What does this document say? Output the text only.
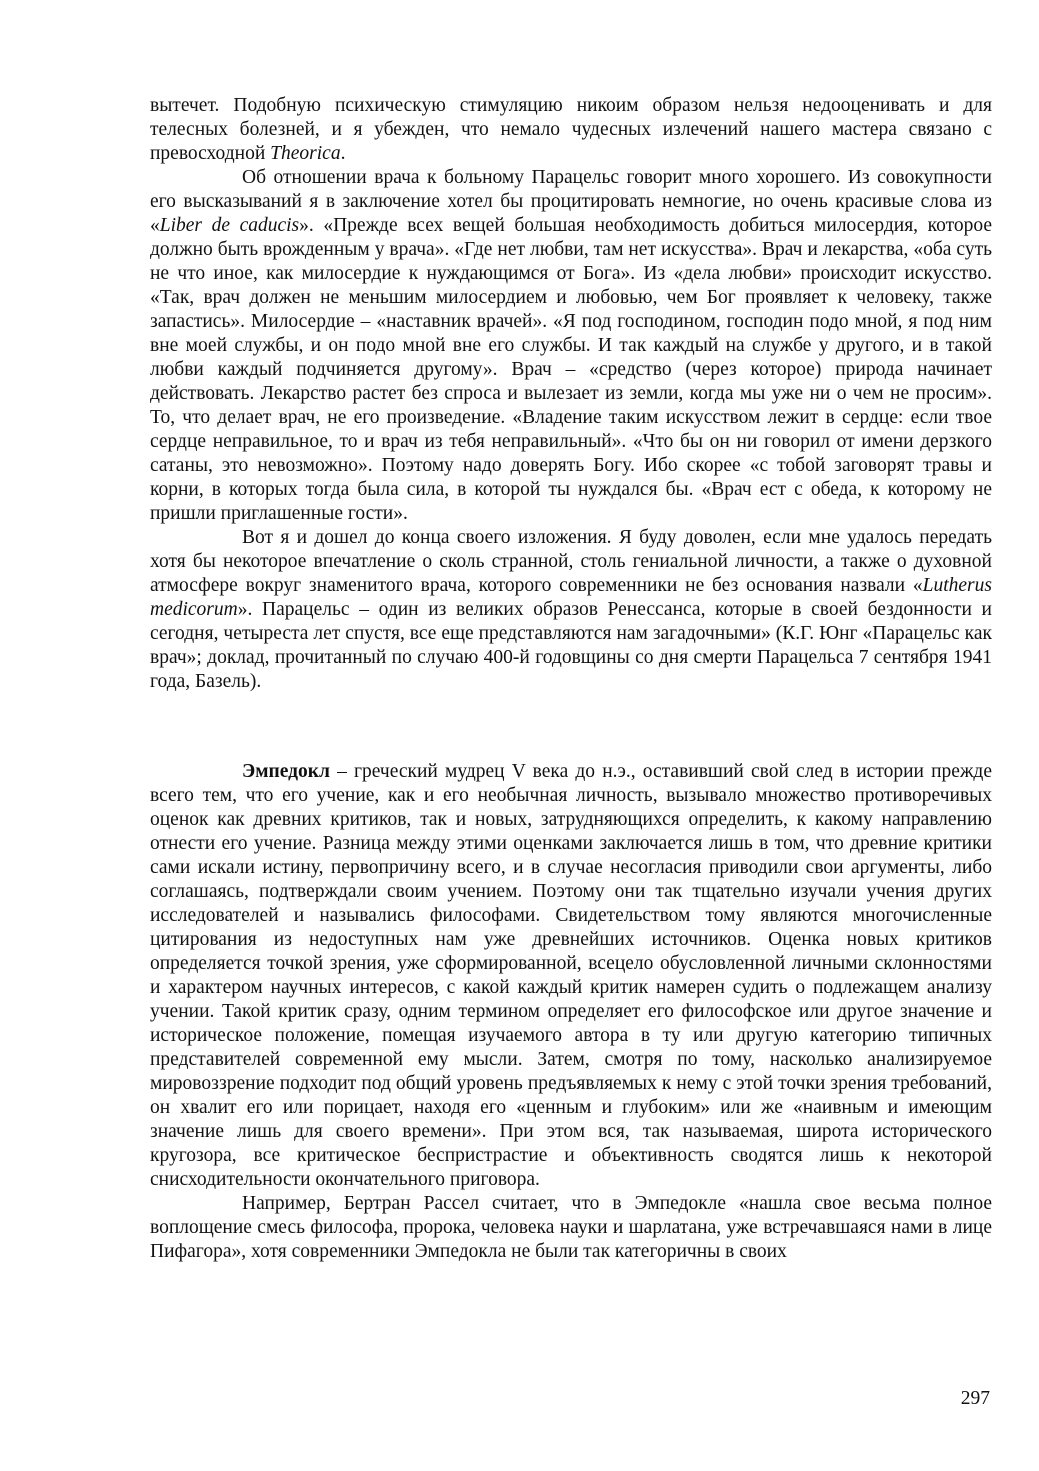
вытечет. Подобную психическую стимуляцию никоим образом нельзя недооценивать и для телесных болезней, и я убежден, что немало чудесных излечений нашего мастера связано с превосходной Theorica.

Об отношении врача к больному Парацельс говорит много хорошего. Из совокупности его высказываний я в заключение хотел бы процитировать немногие, но очень красивые слова из «Liber de caducis». «Прежде всех вещей большая необходимость добиться милосердия, которое должно быть врожденным у врача». «Где нет любви, там нет искусства». Врач и лекарства, «оба суть не что иное, как милосердие к нуждающимся от Бога». Из «дела любви» происходит искусство. «Так, врач должен не меньшим милосердием и любовью, чем Бог проявляет к человеку, также запастись». Милосердие – «наставник врачей». «Я под господином, господин подо мной, я под ним вне моей службы, и он подо мной вне его службы. И так каждый на службе у другого, и в такой любви каждый подчиняется другому». Врач – «средство (через которое) природа начинает действовать. Лекарство растет без спроса и вылезает из земли, когда мы уже ни о чем не просим». То, что делает врач, не его произведение. «Владение таким искусством лежит в сердце: если твое сердце неправильное, то и врач из тебя неправильный». «Что бы он ни говорил от имени дерзкого сатаны, это невозможно». Поэтому надо доверять Богу. Ибо скорее «с тобой заговорят травы и корни, в которых тогда была сила, в которой ты нуждался бы. «Врач ест с обеда, к которому не пришли приглашенные гости».

Вот я и дошел до конца своего изложения. Я буду доволен, если мне удалось передать хотя бы некоторое впечатление о сколь странной, столь гениальной личности, а также о духовной атмосфере вокруг знаменитого врача, которого современники не без основания назвали «Lutherus medicorum». Парацельс – один из великих образов Ренессанса, которые в своей бездонности и сегодня, четыреста лет спустя, все еще представляются нам загадочными» (К.Г. Юнг «Парацельс как врач»; доклад, прочитанный по случаю 400-й годовщины со дня смерти Парацельса 7 сентября 1941 года, Базель).

Эмпедокл – греческий мудрец V века до н.э., оставивший свой след в истории прежде всего тем, что его учение, как и его необычная личность, вызывало множество противоречивых оценок как древних критиков, так и новых, затрудняющихся определить, к какому направлению отнести его учение. Разница между этими оценками заключается лишь в том, что древние критики сами искали истину, первопричину всего, и в случае несогласия приводили свои аргументы, либо соглашаясь, подтверждали своим учением. Поэтому они так тщательно изучали учения других исследователей и назывались философами. Свидетельством тому являются многочисленные цитирования из недоступных нам уже древнейших источников. Оценка новых критиков определяется точкой зрения, уже сформированной, всецело обусловленной личными склонностями и характером научных интересов, с какой каждый критик намерен судить о подлежащем анализу учении. Такой критик сразу, одним термином определяет его философское или другое значение и историческое положение, помещая изучаемого автора в ту или другую категорию типичных представителей современной ему мысли. Затем, смотря по тому, насколько анализируемое мировоззрение подходит под общий уровень предъявляемых к нему с этой точки зрения требований, он хвалит его или порицает, находя его «ценным и глубоким» или же «наивным и имеющим значение лишь для своего времени». При этом вся, так называемая, широта исторического кругозора, все критическое беспристрастие и объективность сводятся лишь к некоторой снисходительности окончательного приговора.

Например, Бертран Рассел считает, что в Эмпедокле «нашла свое весьма полное воплощение смесь философа, пророка, человека науки и шарлатана, уже встречавшаяся нами в лице Пифагора», хотя современники Эмпедокла не были так категоричны в своих

297
